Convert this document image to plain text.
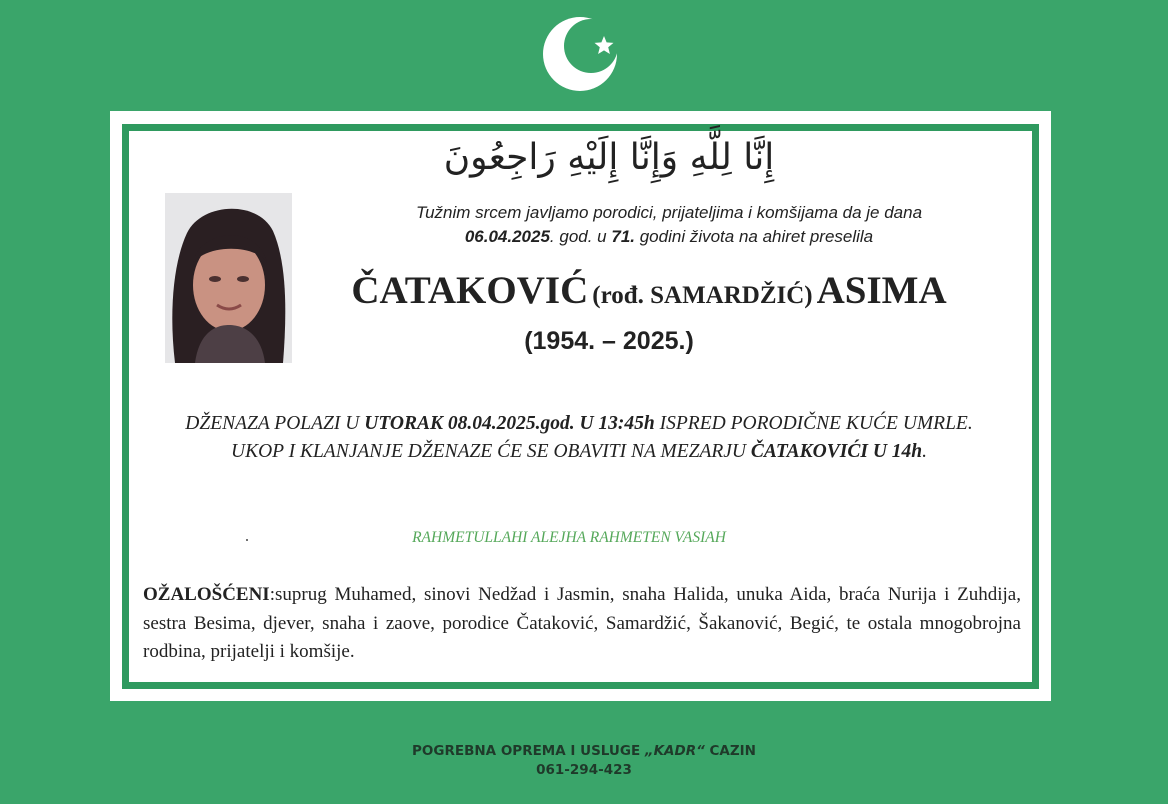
إِنَّا لِلَّهِ وَإِنَّا إِلَيْهِ رَاجِعُونَ
Tužnim srcem javljamo porodici, prijateljima i komšijama da je dana
06.04.2025. god. u 71. godini života na ahiret preselila
ČATAKOVIĆ (rođ. SAMARDŽIĆ) ASIMA
(1954. – 2025.)
DŽENAZA POLAZI U UTORAK 08.04.2025.god. U 13:45h ISPRED PORODIČNE KUĆE UMRLE. UKOP I KLANJANJE DŽENAZE ĆE SE OBAVITI NA MEZARJU ČATAKOVIĆI U 14h.
RAHMETULLAHI ALEJHA RAHMETEN VASIAH
OŽALOŠĆENI:suprug Muhamed, sinovi Nedžad i Jasmin, snaha Halida, unuka Aida, braća Nurija i Zuhdija, sestra Besima, djever, snaha i zaove, porodice Čataković, Samardžić, Šakanović, Begić, te ostala mnogobrojna rodbina, prijatelji i komšije.
POGREBNA OPREMA I USLUGE „KADR“ CAZIN
061-294-423
